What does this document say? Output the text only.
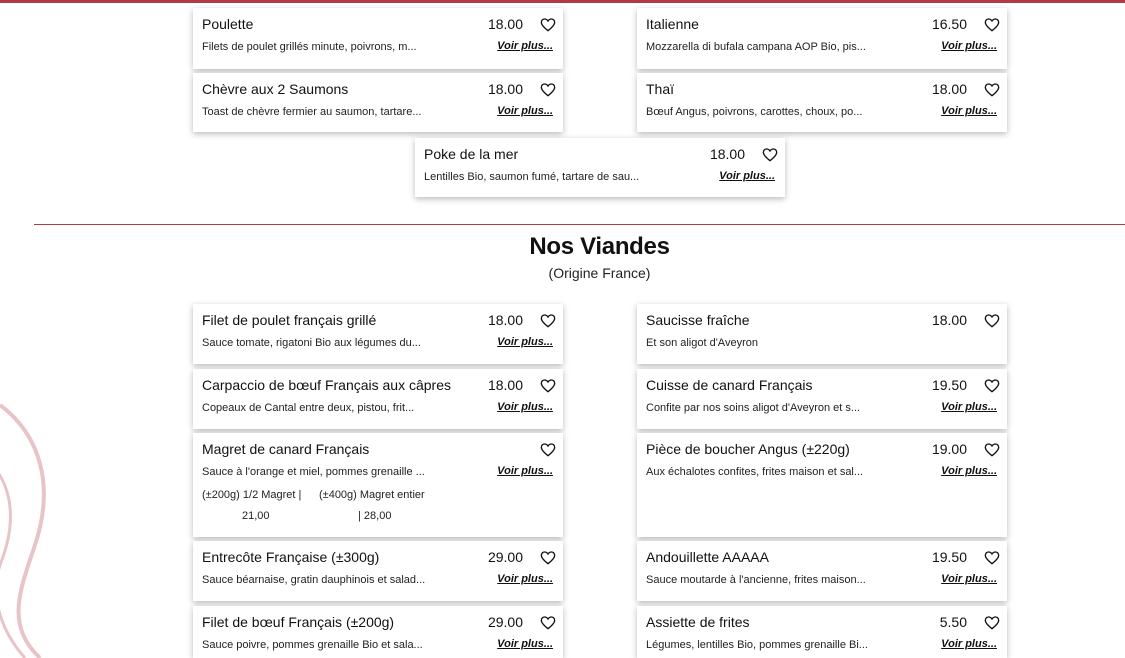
Poulette	18.00
Filets de poulet grillés minute, poivrons, m...	Voir plus...
Chèvre aux 2 Saumons	18.00
Toast de chèvre fermier au saumon, tartare...	Voir plus...
Italienne	16.50
Mozzarella di bufala campana AOP Bio, pis...	Voir plus...
Thaï	18.00
Bœuf Angus, poivrons, carottes, choux, po...	Voir plus...
Poke de la mer	18.00
Lentilles Bio, saumon fumé, tartare de sau...	Voir plus...
Nos Viandes
(Origine France)
Filet de poulet français grillé	18.00
Sauce tomate, rigatoni Bio aux légumes du...	Voir plus...
Carpaccio de bœuf Français aux câpres	18.00
Copeaux de Cantal entre deux, pistou, frit...	Voir plus...
Magret de canard Français
Sauce à l'orange et miel, pommes grenaille ...	Voir plus...
(±200g) 1/2 Magret | (±400g) Magret entier
21,00	| 28,00
Entrecôte Française (±300g)	29.00
Sauce béarnaise, gratin dauphinois et salad...	Voir plus...
Filet de bœuf Français (±200g)	29.00
Sauce poivre, pommes grenaille Bio et sala...	Voir plus...
Saucisse fraîche	18.00
Et son aligot d'Aveyron
Cuisse de canard Français	19.50
Confite par nos soins aligot d'Aveyron et s...	Voir plus...
Pièce de boucher Angus (±220g)	19.00
Aux échalotes confites, frites maison et sal...	Voir plus...
Andouillette AAAAA	19.50
Sauce moutarde à l'ancienne, frites maison...	Voir plus...
Assiette de frites	5.50
Légumes, lentilles Bio, pommes grenaille Bi...	Voir plus...
